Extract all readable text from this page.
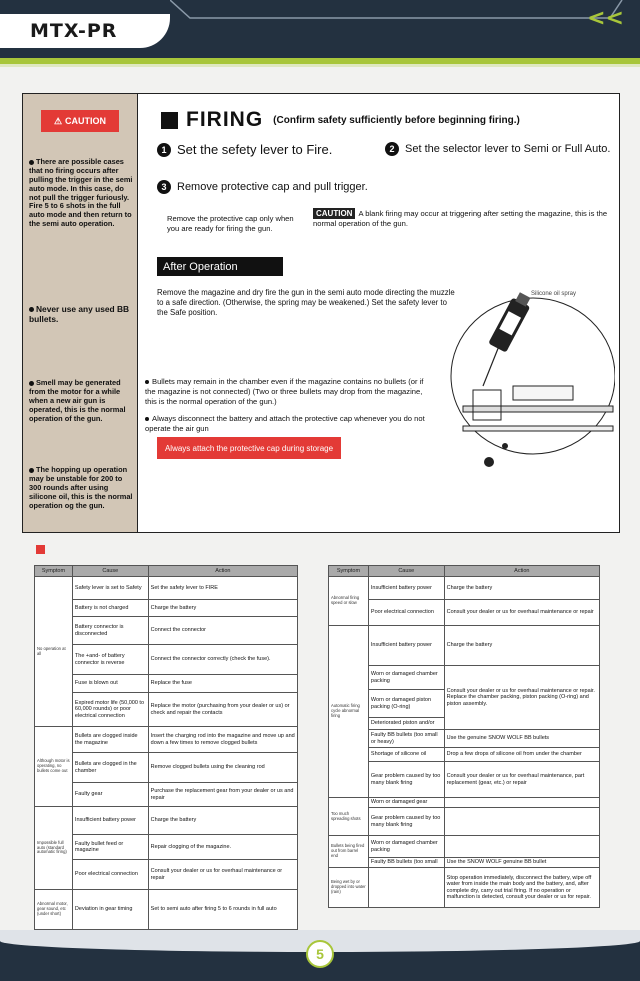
MTX-PR	<<
⚠ CAUTION
There are possible cases that no firing occurs after pulling the trigger in the semi auto mode. In this case, do not pull the trigger furiously. Fire 5 to 6 shots in the full auto mode and then return to the semi auto operation.
Never use any used BB bullets.
Smell may be generated from the motor for a while when a new air gun is operated, this is the normal operation of the gun.
The hopping up operation may be unstable for 200 to 300 rounds after using silicone oil, this is the normal operation og the gun.
FIRING (Confirm safety sufficiently before beginning firing.)
1 Set the sefety lever to Fire.	2 Set the selector lever to Semi or Full Auto.
3 Remove protective cap and pull trigger.
Remove the protective cap only when you are ready for firing the gun.
CAUTION A blank firing may occur at triggering after setting the magazine, this is the normal operation of the gun.
After Operation
Remove the magazine and dry fire the gun in the semi auto mode directing the muzzle to a safe direction. (Otherwise, the spring may be weakened.) Set the safety lever to the Safe position.
Bullets may remain in the chamber even if the magazine contains no bullets (or if the magazine is not connected) (Two or three bullets may drop from the magazine, this is the normal operation of the gun.)
Always disconnect the battery and attach the protective cap whenever you do not operate the air gun
Always attach the protective cap during storage
Silicone oil spray
Symptom	Cause	Action
No operation at all	Safety lever is set to Safety	Set the safety lever to FIRE
	Battery is not charged	Charge the battery
	Battery connector is disconnected	Connect the connector
	The +and- of battery connector is reverse	Connect the connector correctly (check the fuse).
	Fuse is blown out	Replace the fuse
	Expired motor life (50,000 to 60,000 rounds) or poor electrical connection	Replace the motor (purchasing from your dealer or us) or check and repair the contacts
Although motor is operating, no bullets come out	Bullets are clogged inside the magazine	Insert the charging rod into the magazine and move up and down a few times to remove clogged bullets
	Bullets are clogged in the chamber	Remove clogged bullets using the cleaning rod
	Faulty gear	Purchase the replacement gear from your dealer or us and repair
Impossible full auto (standard automatic firing)	Insufficient battery power	Charge the battery
	Faulty bullet feed or magazine	Repair clogging of the magazine.
	Poor electrical connection	Consult your dealer or us for overhaul maintenance or repair
Abnormal motor, gear sound, etc (under short)	Deviation in gear timing	Set to semi auto after firing 5 to 6 rounds in full auto
Symptom	Cause	Action
Abnormal firing speed or slow	Insufficient battery power	Charge the battery
	Poor electrical connection	Consult your dealer or us for overhaul maintenance or repair
Automatic firing cycle abnormal firing	Insufficient battery power	Charge the battery
	Worn or damaged chamber packing	Consult your dealer or us for overhaul maintenance or repair. Replace the chamber packing, piston packing (O-ring) and piston assembly.
	Worn or damaged piston packing (O-ring)	
	Deteriorated piston and/or	
	Faulty BB bullets (too small or heavy)	Use the genuine SNOW WOLF BB bullets
	Shortage of silicone oil	Drop a few drops of silicone oil from under the chamber
	Gear problem caused by too many blank firing	Consult your dealer or us for overhaul maintenance, part replacement (gear, etc.) or repair
Too much spreading shots	Worn or damaged gear	
	Gear problem caused by too many blank firing	
Bullets being fired out from barrel end	Worn or damaged chamber packing	
	Faulty BB bullets (too small	Use the SNOW WOLF genuine BB bullet
Being wet by or dropped into water (rain)		Stop operation immediately, disconnect the battery, wipe off water from inside the main body and the battery, and, after complete dry, carry out trial firing. If no operation or malfunction is detected, consult your dealer or us for repair.
5
